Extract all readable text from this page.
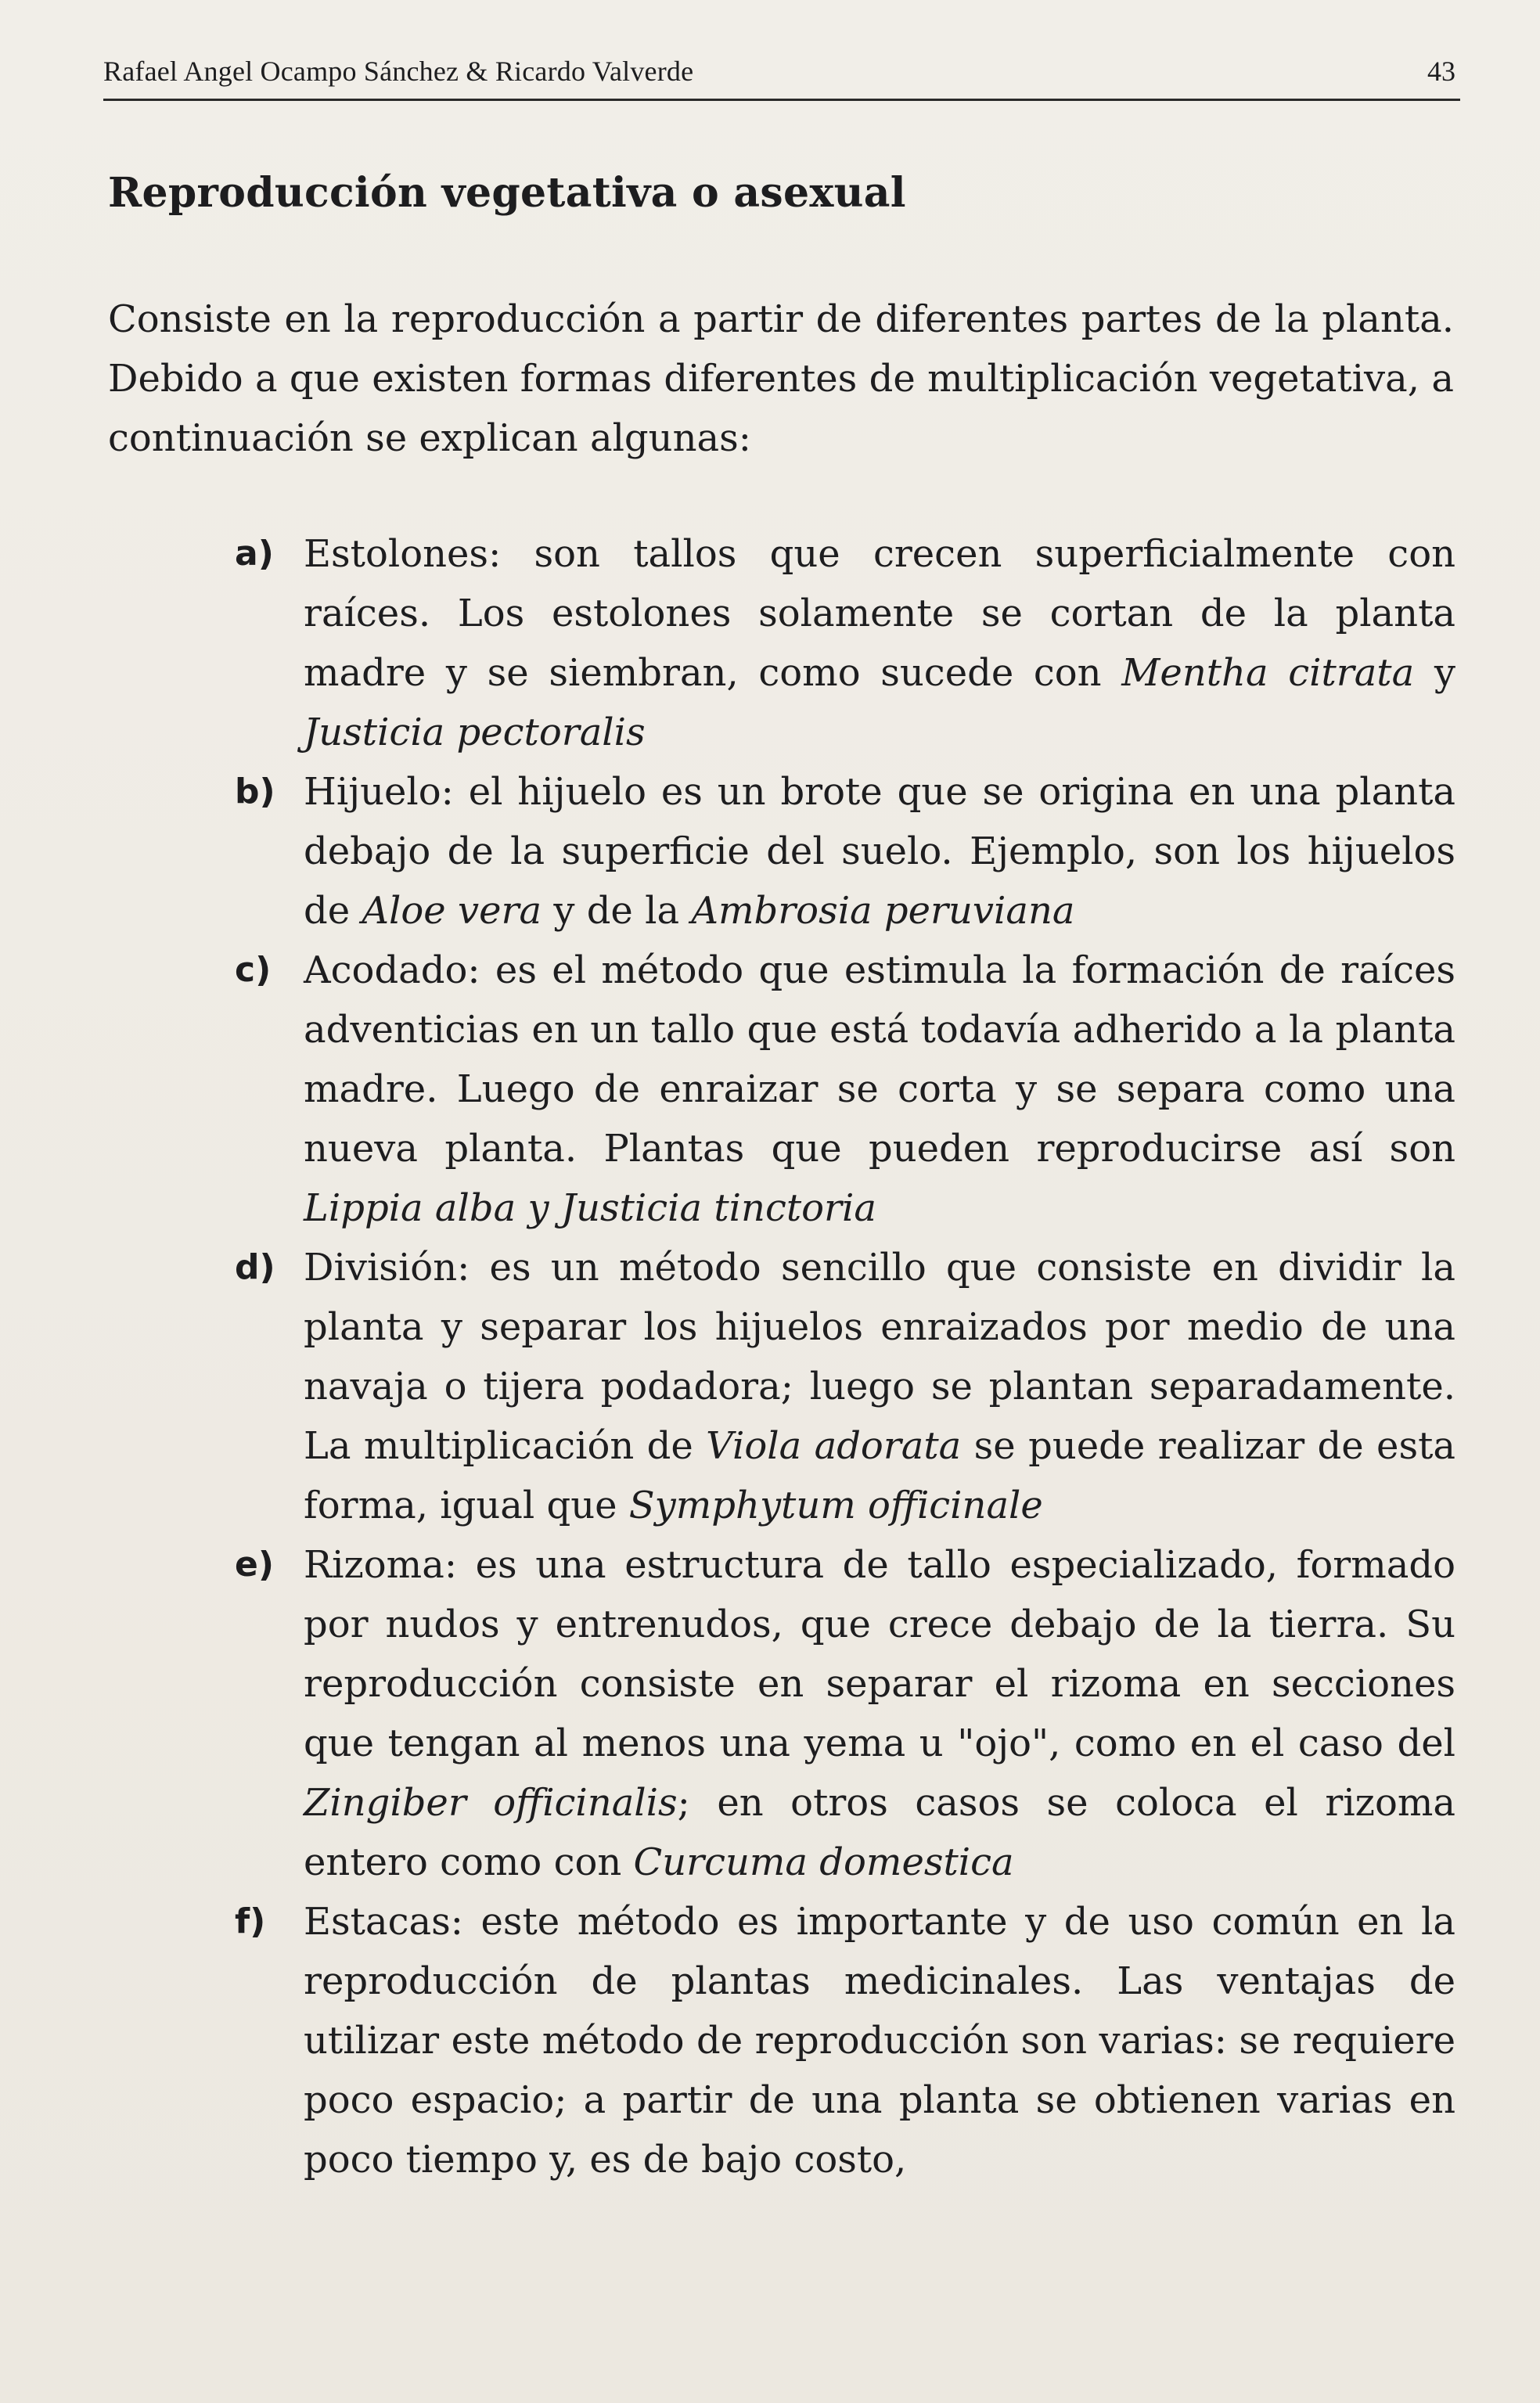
Rafael Angel Ocampo Sánchez & Ricardo Valverde	43
Reproducción vegetativa o asexual

Consiste en la reproducción a partir de diferentes partes de la planta. Debido a que existen formas diferentes de multiplicación vegetativa, a continuación se explican algunas:

a) Estolones: son tallos que crecen superficialmente con raíces. Los estolones solamente se cortan de la planta madre y se siembran, como sucede con Mentha citrata y Justicia pectoralis
b) Hijuelo: el hijuelo es un brote que se origina en una planta debajo de la superficie del suelo. Ejemplo, son los hijuelos de Aloe vera y de la Ambrosia peruviana
c) Acodado: es el método que estimula la formación de raíces adventicias en un tallo que está todavía adherido a la planta madre. Luego de enraizar se corta y se separa como una nueva planta. Plantas que pueden reproducirse así son Lippia alba y Justicia tinctoria
d) División: es un método sencillo que consiste en dividir la planta y separar los hijuelos enraizados por medio de una navaja o tijera podadora; luego se plantan separadamente. La multiplicación de Viola adorata se puede realizar de esta forma, igual que Symphytum officinale
e) Rizoma: es una estructura de tallo especializado, formado por nudos y entrenudos, que crece debajo de la tierra. Su reproducción consiste en separar el rizoma en secciones que tengan al menos una yema u "ojo", como en el caso del Zingiber officinalis; en otros casos se coloca el rizoma entero como con Curcuma domestica
f) Estacas: este método es importante y de uso común en la reproducción de plantas medicinales. Las ventajas de utilizar este método de reproducción son varias: se requiere poco espacio; a partir de una planta se obtienen varias en poco tiempo y, es de bajo costo,
